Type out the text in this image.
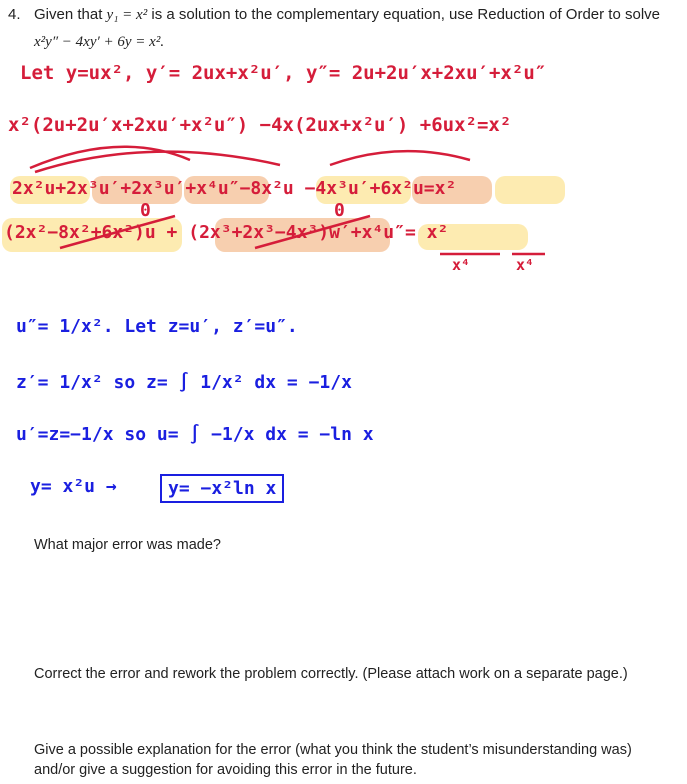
4. Given that y₁ = x² is a solution to the complementary equation, use Reduction of Order to solve
x²y″ − 4xy′ + 6y = x².
Let y=ux², y′= 2ux+x²u′, y″= 2u+2u′x+2xu′+x²u″
x²(2u+2u′x+2xu′+x²u″) −4x(2ux+x²u′) +6ux²=x²
2x²u+2x³u′+2x³u′+x⁴u″−8x²u −4x³u′+6x²u=x²
(2x²−8x²+6x²)u + (2x³+2x³−4x³)w′+x⁴u″= x²
0	0
x⁴	x⁴
u″= 1/x². Let z=u′, z′=u″.
z′= 1/x² so z= ∫ 1/x² dx = −1/x
u′=z=−1/x so u= ∫ −1/x dx = −ln x
y= x²u →	y= −x²ln x
What major error was made?
Correct the error and rework the problem correctly. (Please attach work on a separate page.)
Give a possible explanation for the error (what you think the student’s misunderstanding was)
and/or give a suggestion for avoiding this error in the future.
